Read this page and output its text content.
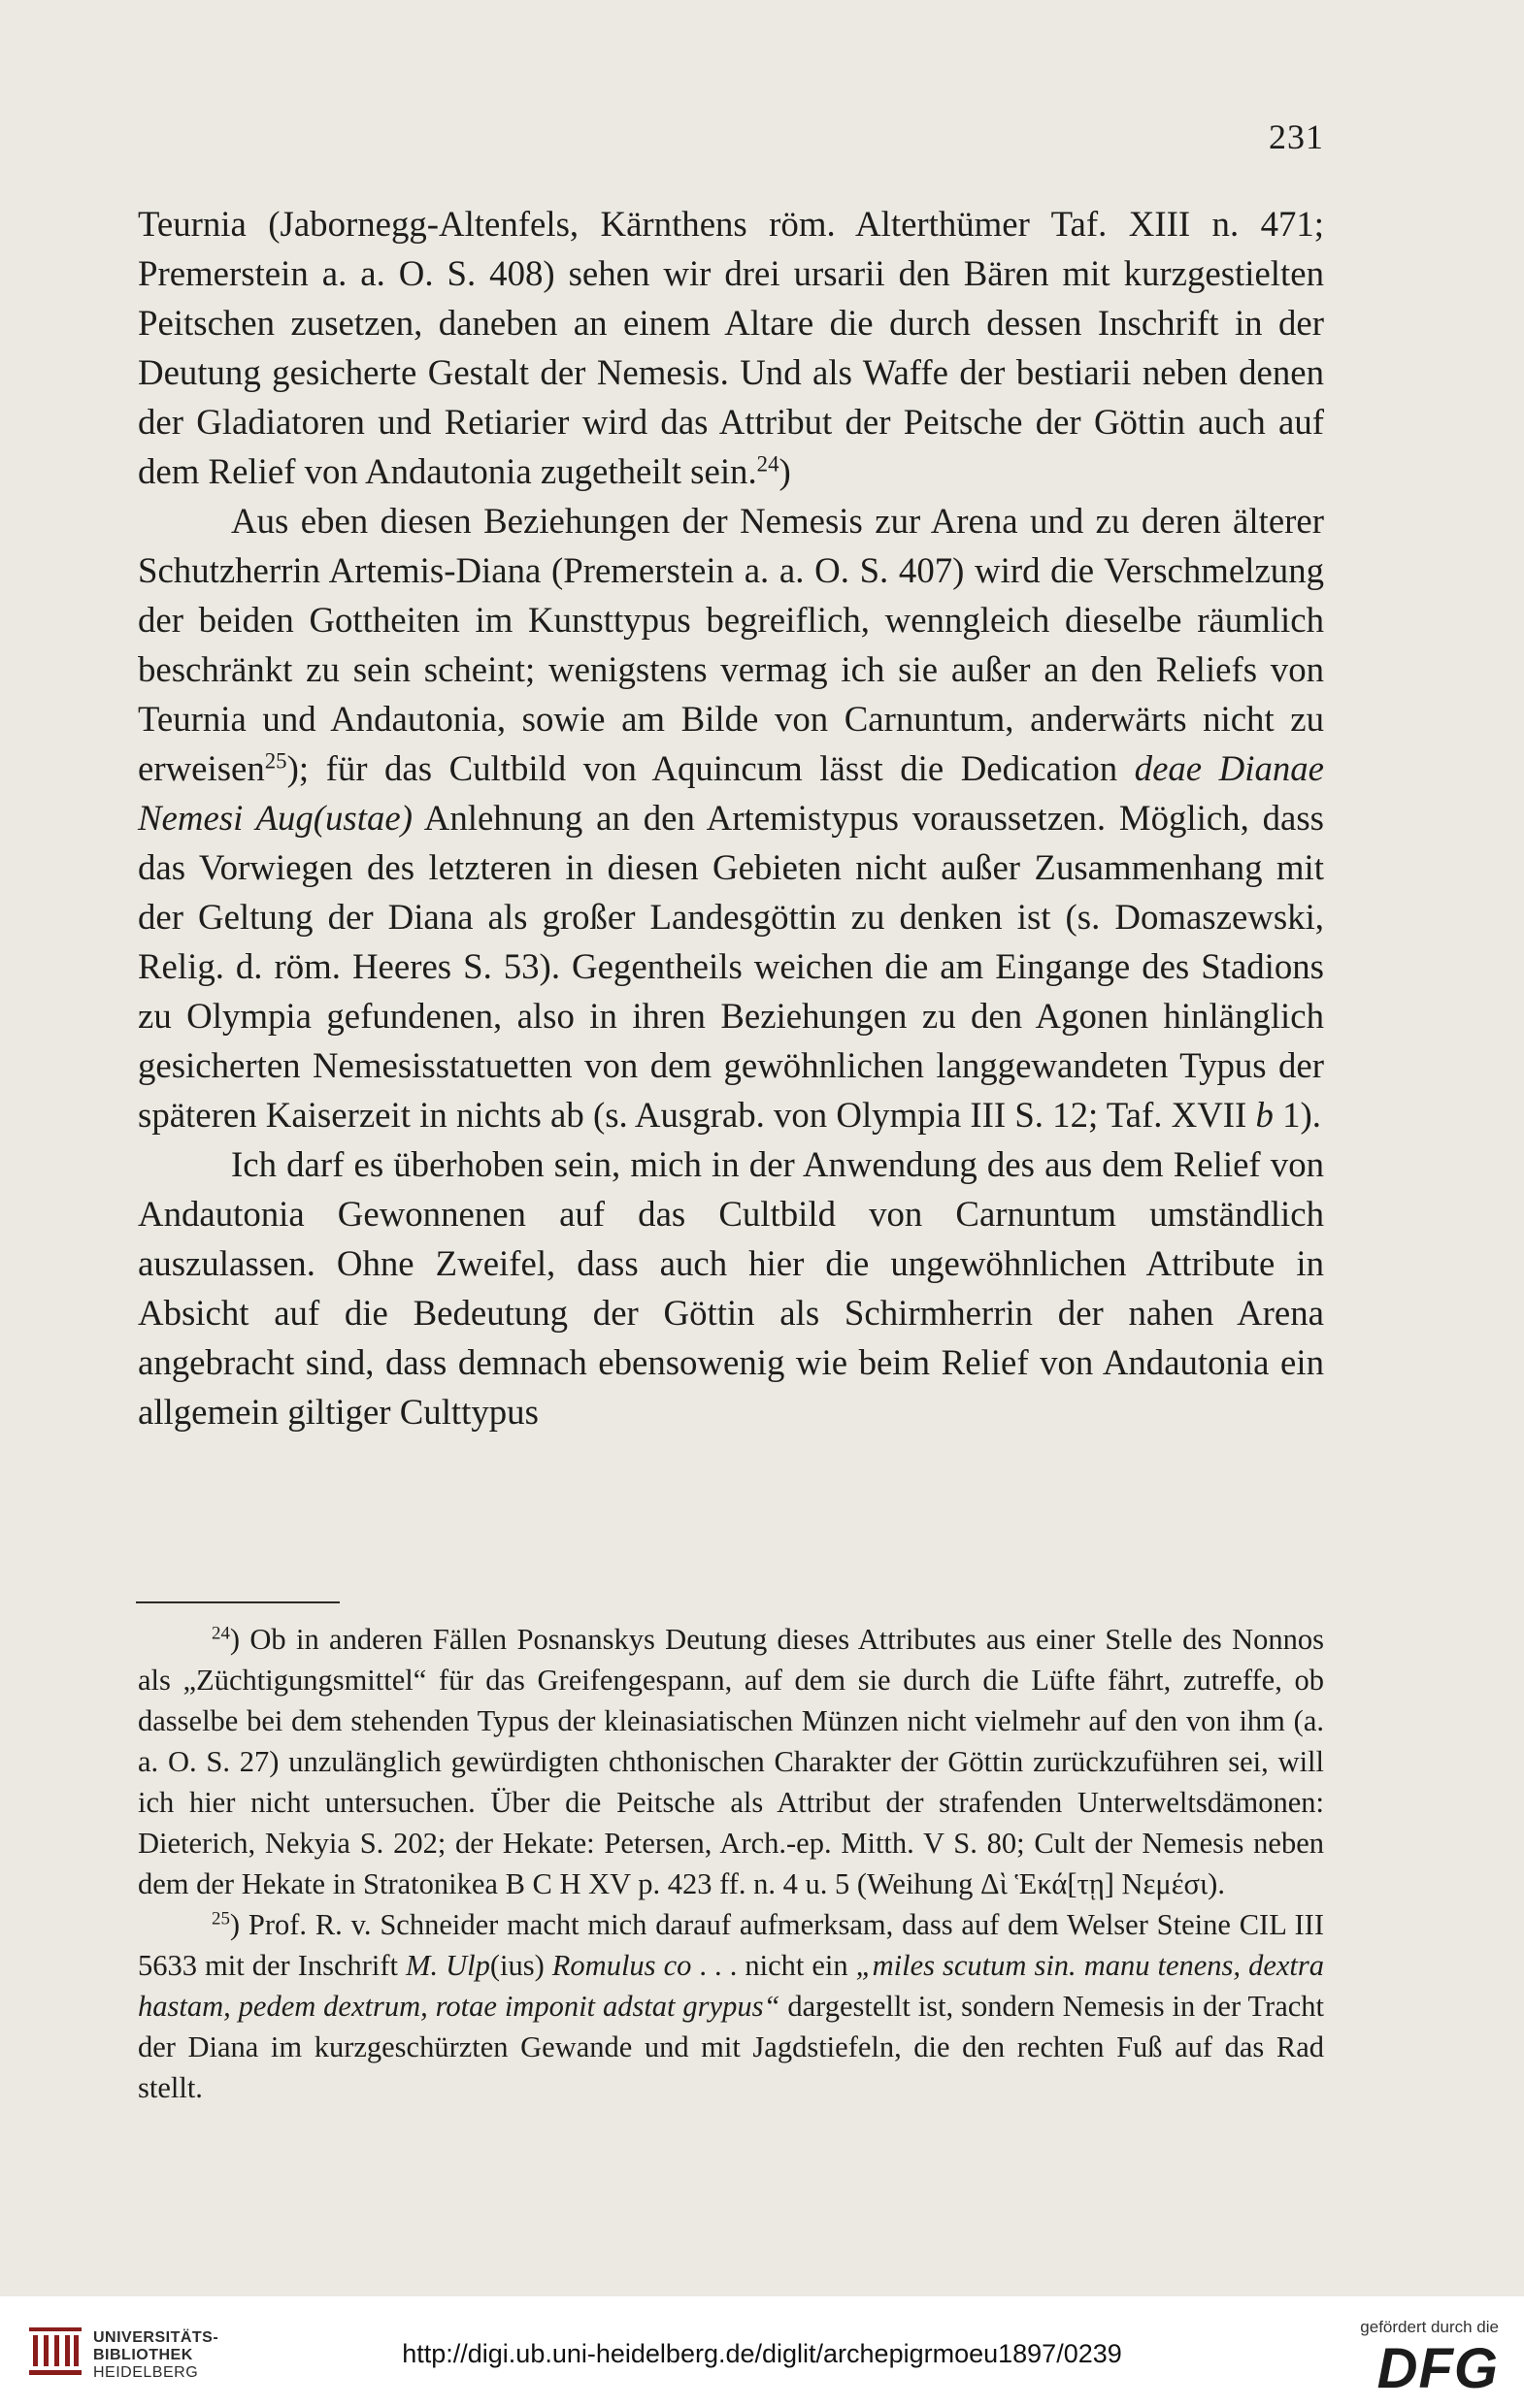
231

Teurnia (Jabornegg-Altenfels, Kärnthens röm. Alterthümer Taf. XIII n. 471; Premerstein a. a. O. S. 408) sehen wir drei ursarii den Bären mit kurzgestielten Peitschen zusetzen, daneben an einem Altare die durch dessen Inschrift in der Deutung gesicherte Gestalt der Nemesis. Und als Waffe der bestiarii neben denen der Gladiatoren und Retiarier wird das Attribut der Peitsche der Göttin auch auf dem Relief von Andautonia zugetheilt sein.$^{24}$)

Aus eben diesen Beziehungen der Nemesis zur Arena und zu deren älterer Schutzherrin Artemis-Diana (Premerstein a. a. O. S. 407) wird die Verschmelzung der beiden Gottheiten im Kunsttypus begreiflich, wenngleich dieselbe räumlich beschränkt zu sein scheint; wenigstens vermag ich sie außer an den Reliefs von Teurnia und Andautonia, sowie am Bilde von Carnuntum, anderwärts nicht zu erweisen$^{25}$); für das Cultbild von Aquincum lässt die Dedication deae Dianae Nemesi Aug(ustae) Anlehnung an den Artemistypus voraussetzen. Möglich, dass das Vorwiegen des letzteren in diesen Gebieten nicht außer Zusammenhang mit der Geltung der Diana als großer Landesgöttin zu denken ist (s. Domaszewski, Relig. d. röm. Heeres S. 53). Gegentheils weichen die am Eingange des Stadions zu Olympia gefundenen, also in ihren Beziehungen zu den Agonen hinlänglich gesicherten Nemesisstatuetten von dem gewöhnlichen langgewandeten Typus der späteren Kaiserzeit in nichts ab (s. Ausgrab. von Olympia III S. 12; Taf. XVII b 1).

Ich darf es überhoben sein, mich in der Anwendung des aus dem Relief von Andautonia Gewonnenen auf das Cultbild von Carnuntum umständlich auszulassen. Ohne Zweifel, dass auch hier die ungewöhnlichen Attribute in Absicht auf die Bedeutung der Göttin als Schirmherrin der nahen Arena angebracht sind, dass demnach ebensowenig wie beim Relief von Andautonia ein allgemein giltiger Culttypus

$^{24}$) Ob in anderen Fällen Posnanskys Deutung dieses Attributes aus einer Stelle des Nonnos als „Züchtigungsmittel“ für das Greifengespann, auf dem sie durch die Lüfte fährt, zutreffe, ob dasselbe bei dem stehenden Typus der kleinasiatischen Münzen nicht vielmehr auf den von ihm (a. a. O. S. 27) unzulänglich gewürdigten chthonischen Charakter der Göttin zurückzuführen sei, will ich hier nicht untersuchen. Über die Peitsche als Attribut der strafenden Unterweltsdämonen: Dieterich, Nekyia S. 202; der Hekate: Petersen, Arch.-ep. Mitth. V S. 80; Cult der Nemesis neben dem der Hekate in Stratonikea B C H XV p. 423 ff. n. 4 u. 5 (Weihung Δὶ Ἑκά[τῃ] Νεμέσι).

$^{25}$) Prof. R. v. Schneider macht mich darauf aufmerksam, dass auf dem Welser Steine CIL III 5633 mit der Inschrift M. Ulp(ius) Romulus co . . . nicht ein „miles scutum sin. manu tenens, dextra hastam, pedem dextrum, rotae imponit adstat grypus“ dargestellt ist, sondern Nemesis in der Tracht der Diana im kurzgeschürzten Gewande und mit Jagdstiefeln, die den rechten Fuß auf das Rad stellt.

UNIVERSITÄTS-
BIBLIOTHEK
HEIDELBERG
http://digi.ub.uni-heidelberg.de/diglit/archepigrmoeu1897/0239
gefördert durch die
DFG
